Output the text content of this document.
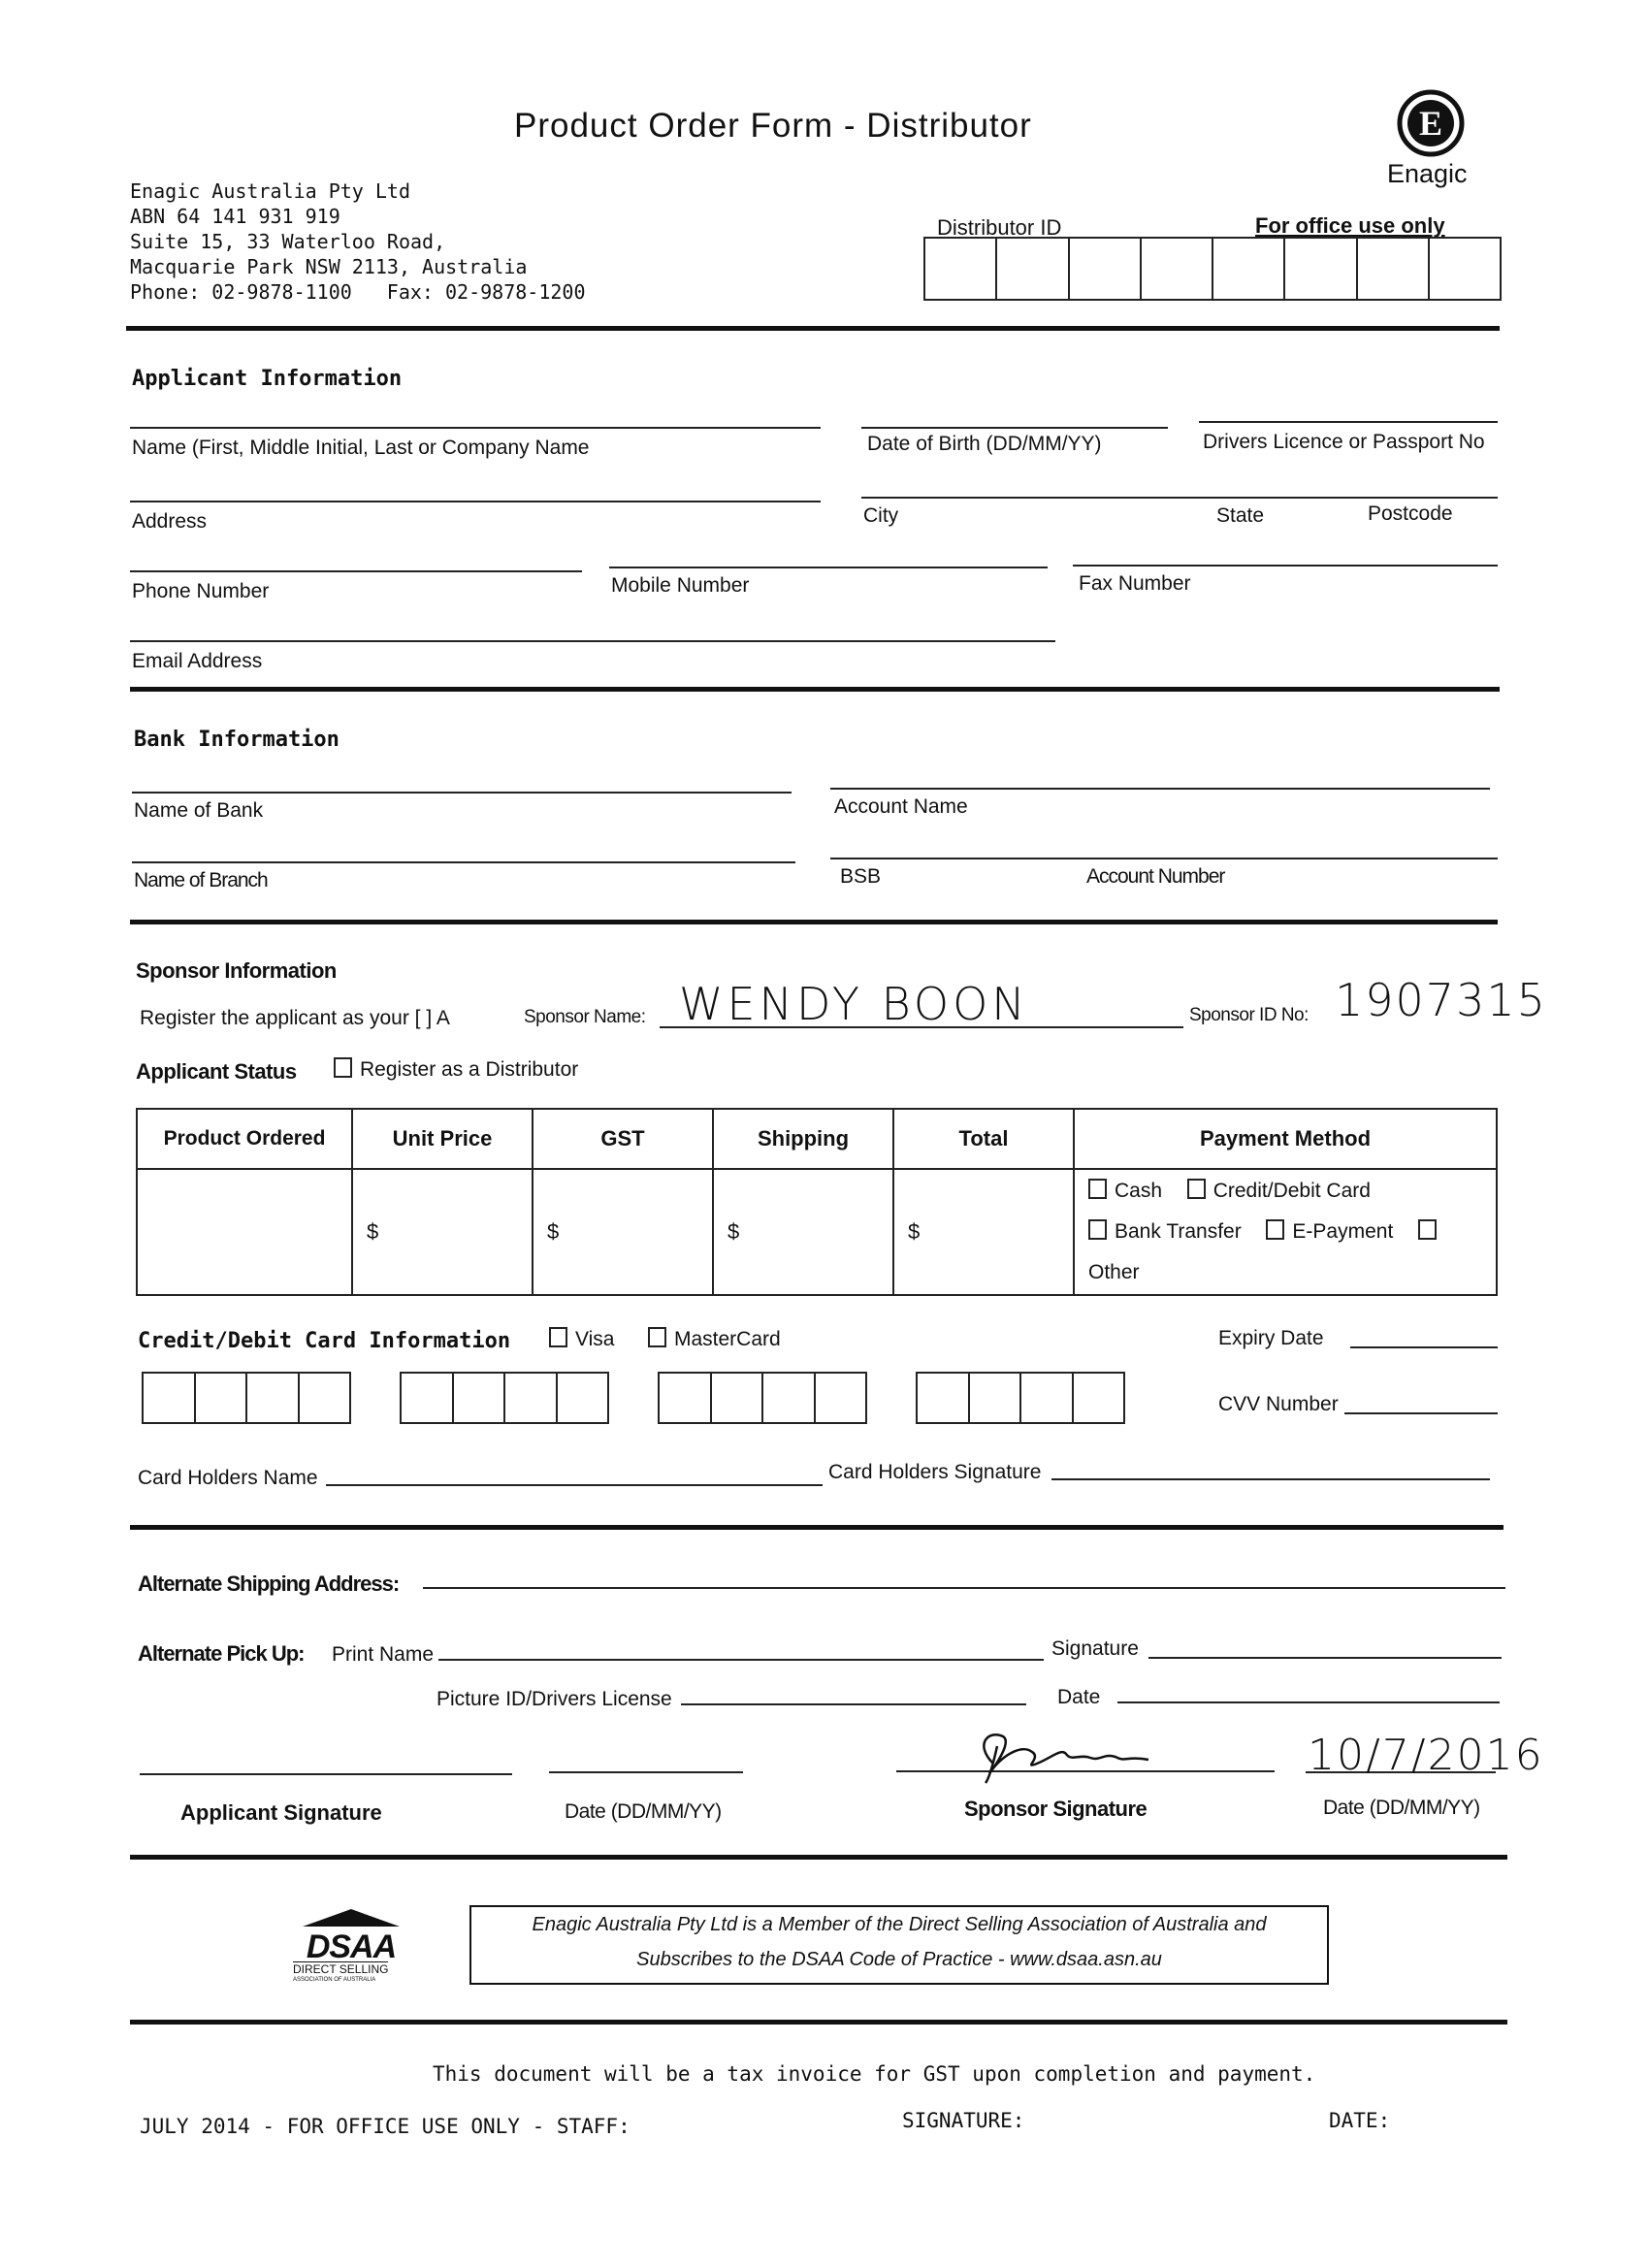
Product Order Form - Distributor	E
Enagic
Enagic Australia Pty Ltd
ABN 64 141 931 919
Suite 15, 33 Waterloo Road,
Macquarie Park NSW 2113, Australia
Phone: 02-9878-1100 Fax: 02-9878-1200
Distributor ID	For office use only
Applicant Information
Name (First, Middle Initial, Last or Company Name	Date of Birth (DD/MM/YY)	Drivers Licence or Passport No
Address	City	State	Postcode
Phone Number	Mobile Number	Fax Number
Email Address
Bank Information
Name of Bank	Account Name
Name of Branch	BSB	Account Number
Sponsor Information
Register the applicant as your [ ] A	Sponsor Name: WENDY BOON	Sponsor ID No: 1907315
Applicant Status	Register as a Distributor
Product Ordered	Unit Price	GST	Shipping	Total	Payment Method
	$	$	$	$	Cash Credit/Debit Card
Bank Transfer E-Payment  Other
Credit/Debit Card Information	Visa	MasterCard	Expiry Date
CVV Number
Card Holders Name	Card Holders Signature
Alternate Shipping Address:
Alternate Pick Up: Print Name	Signature
Picture ID/Drivers License	Date
10/7/2016
Applicant Signature	Date (DD/MM/YY)	Sponsor Signature	Date (DD/MM/YY)
DSAA
DIRECT SELLING
ASSOCIATION OF AUSTRALIA
Enagic Australia Pty Ltd is a Member of the Direct Selling Association of Australia and
Subscribes to the DSAA Code of Practice - www.dsaa.asn.au
This document will be a tax invoice for GST upon completion and payment.
JULY 2014 - FOR OFFICE USE ONLY - STAFF:	SIGNATURE:	DATE:
